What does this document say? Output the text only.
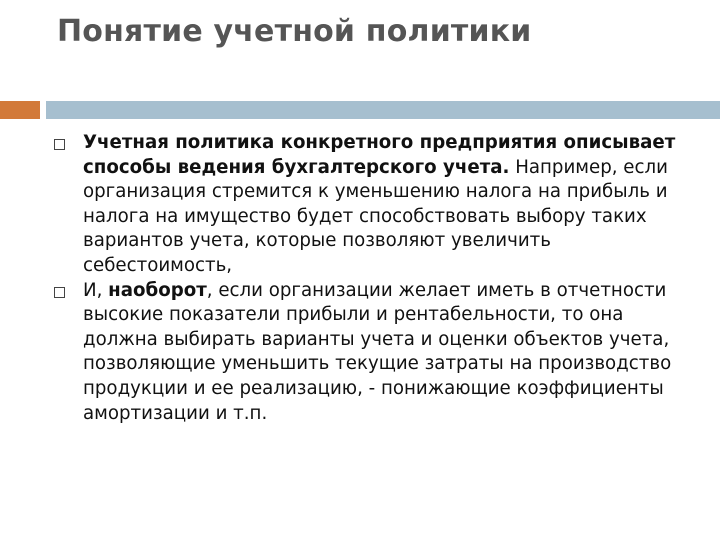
Понятие учетной политики
Учетная политика конкретного предприятия описывает способы ведения бухгалтерского учета. Например, если организация стремится к уменьшению налога на прибыль и налога на имущество будет способствовать выбору таких вариантов учета, которые позволяют увеличить себестоимость,
И, наоборот, если организации желает иметь в отчетности высокие показатели прибыли и рентабельности, то она должна выбирать варианты учета и оценки объектов учета, позволяющие уменьшить текущие затраты на производство продукции и ее реализацию, - понижающие коэффициенты амортизации и т.п.
